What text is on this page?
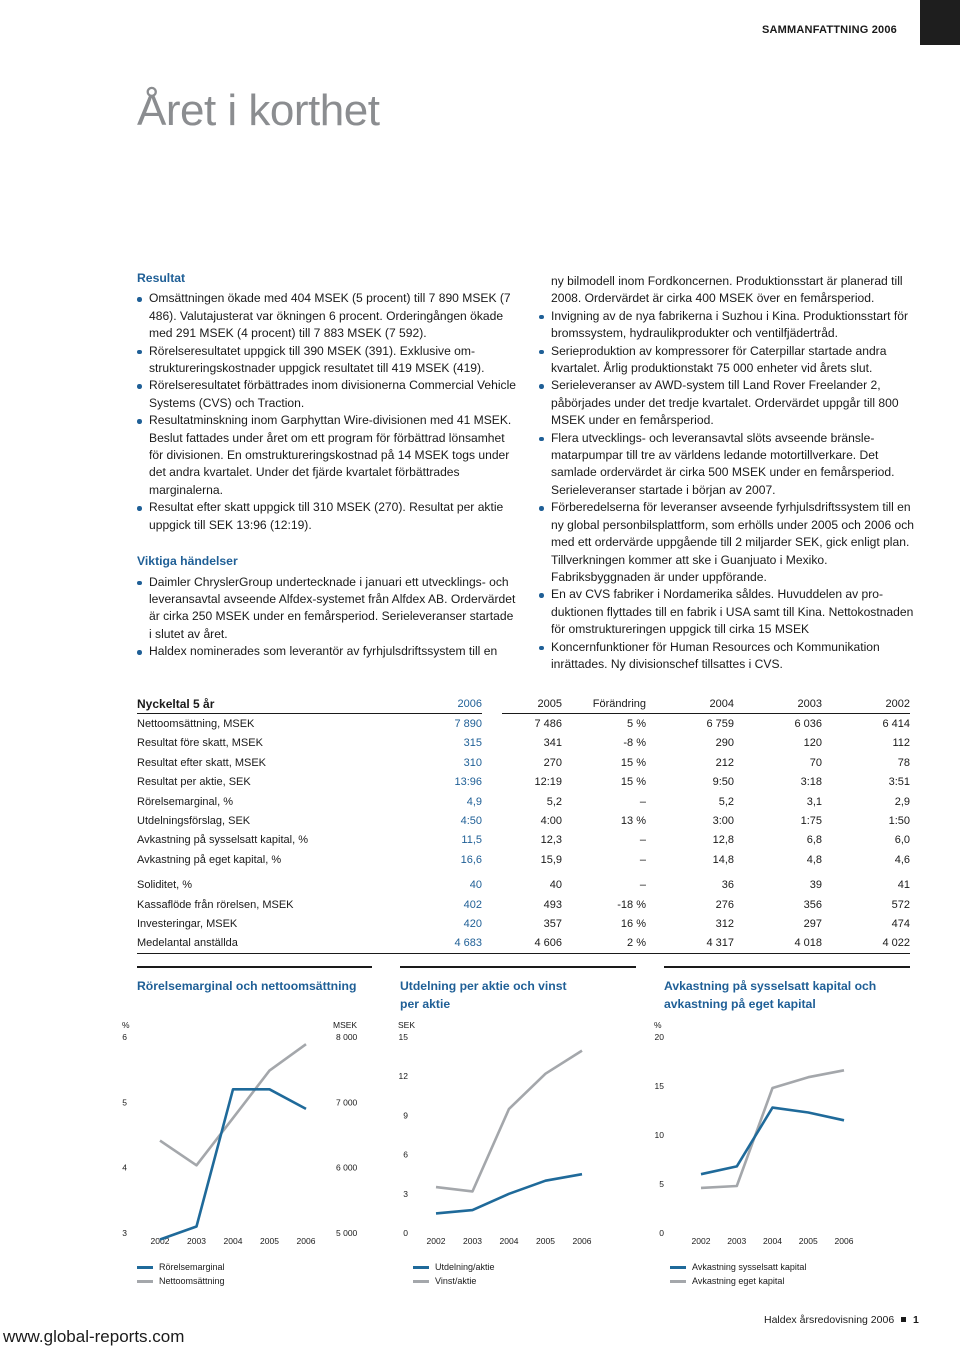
SAMMANFATTNING 2006
Året i korthet
Resultat
Omsättningen ökade med 404 MSEK (5 procent) till 7 890 MSEK (7 486). Valutajusterat var ökningen 6 procent. Orderingången ökade med 291 MSEK (4 procent) till 7 883 MSEK (7 592).
Rörelseresultatet uppgick till 390 MSEK (391). Exklusive omstruktureringskostnader uppgick resultatet till 419 MSEK (419).
Rörelseresultatet förbättrades inom divisionerna Commercial Vehicle Systems (CVS) och Traction.
Resultatminskning inom Garphyttan Wire-divisionen med 41 MSEK. Beslut fattades under året om ett program för förbättrad lönsamhet för divisionen. En omstruktureringskostnad på 14 MSEK togs under det andra kvartalet. Under det fjärde kvartalet förbättrades marginalerna.
Resultat efter skatt uppgick till 310 MSEK (270). Resultat per aktie uppgick till SEK 13:96 (12:19).
Viktiga händelser
Daimler ChryslerGroup undertecknade i januari ett utvecklings- och leveransavtal avseende Alfdex-systemet från Alfdex AB. Ordervärdet är cirka 250 MSEK under en femårsperiod. Serieleveranser startade i slutet av året.
Haldex nominerades som leverantör av fyrhjulsdriftssystem till en
ny bilmodell inom Fordkoncernen. Produktionsstart är planerad till 2008. Ordervärdet är cirka 400 MSEK över en femårsperiod.
Invigning av de nya fabrikerna i Suzhou i Kina. Produktionsstart för bromssystem, hydraulikprodukter och ventilfjädertråd.
Serieproduktion av kompressorer för Caterpillar startade andra kvartalet. Årlig produktionstakt 75 000 enheter vid årets slut.
Serieleveranser av AWD-system till Land Rover Freelander 2, påbörjades under det tredje kvartalet. Ordervärdet uppgår till 800 MSEK under en femårsperiod.
Flera utvecklings- och leveransavtal slöts avseende bränslematarpumpar till tre av världens ledande motortillverkare. Det samlade ordervärdet är cirka 500 MSEK under en femårsperiod. Serieleveranser startade i början av 2007.
Förberedelserna för leveranser avseende fyrhjulsdriftssystem till en ny global personbilsplattform, som erhölls under 2005 och 2006 och med ett ordervärde uppgående till 2 miljarder SEK, gick enligt plan. Tillverkningen kommer att ske i Guanjuato i Mexiko. Fabriksbyggnaden är under uppförande.
En av CVS fabriker i Nordamerika såldes. Huvuddelen av produktionen flyttades till en fabrik i USA samt till Kina. Nettokostnaden för omstruktureringen uppgick till cirka 15 MSEK
Koncernfunktioner för Human Resources och Kommunikation inrättades. Ny divisionschef tillsattes i CVS.
Nyckeltal 5 år	2006		2005	Förändring	2004	2003	2002
Nettoomsättning, MSEK	7 890		7 486	5 %	6 759	6 036	6 414
Resultat före skatt, MSEK	315		341	-8 %	290	120	112
Resultat efter skatt, MSEK	310		270	15 %	212	70	78
Resultat per aktie, SEK	13:96		12:19	15 %	9:50	3:18	3:51
Rörelsemarginal, %	4,9		5,2	–	5,2	3,1	2,9
Utdelningsförslag, SEK	4:50		4:00	13 %	3:00	1:75	1:50
Avkastning på sysselsatt kapital, %	11,5		12,3	–	12,8	6,8	6,0
Avkastning på eget kapital, %	16,6		15,9	–	14,8	4,8	4,6

Soliditet, %	40		40	–	36	39	41
Kassaflöde från rörelsen, MSEK	402		493	-18 %	276	356	572
Investeringar, MSEK	420		357	16 %	312	297	474
Medelantal anställda	4 683		4 606	2 %	4 317	4 018	4 022
Rörelsemarginal och nettoomsättning	Utdelning per aktie och vinst
per aktie
Avkastning på sysselsatt kapital och
avkastning på eget kapital
%
3
4
5
6
MSEK
5 000
6 000
7 000
8 000
2002 2003 2004 2005 2006
SEK
0
3
6
9
12
15
2002 2003 2004 2005 2006
%
0
5
10
15
20
2002 2003 2004 2005 2006
Rörelsemarginal
Nettoomsättning
Utdelning/aktie
Vinst/aktie
Avkastning sysselsatt kapital
Avkastning eget kapital
www.global-reports.com
Haldex årsredovisning 2006 1
